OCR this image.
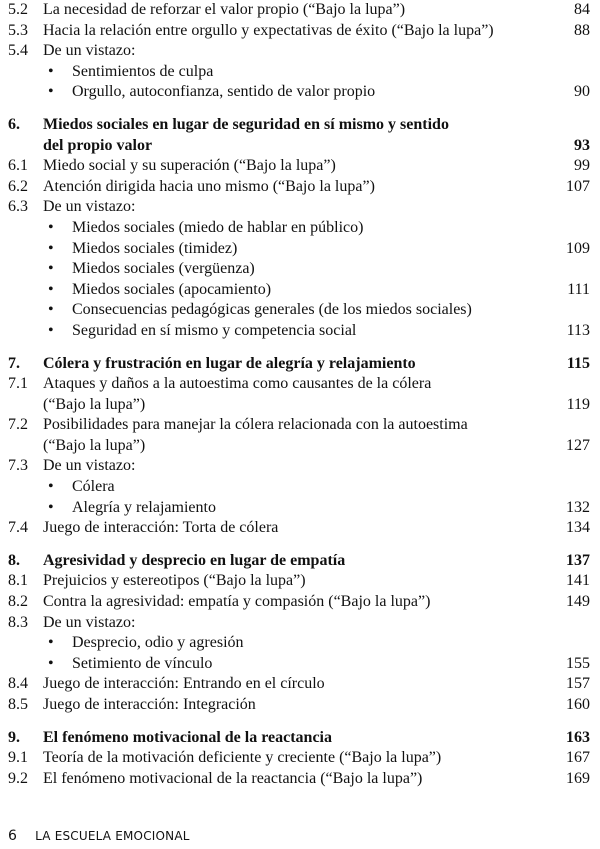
5.2 La necesidad de reforzar el valor propio (“Bajo la lupa”)	84
5.3 Hacia la relación entre orgullo y expectativas de éxito (“Bajo la lupa”)	88
5.4 De un vistazo:
•	Sentimientos de culpa
•	Orgullo, autoconfianza, sentido de valor propio	90
6.	Miedos sociales en lugar de seguridad en sí mismo y sentido
del propio valor	93
6.1 Miedo social y su superación (“Bajo la lupa”)	99
6.2 Atención dirigida hacia uno mismo (“Bajo la lupa”)	107
6.3 De un vistazo:
•	Miedos sociales (miedo de hablar en público)
•	Miedos sociales (timidez)	109
•	Miedos sociales (vergüenza)
•	Miedos sociales (apocamiento)	111
•	Consecuencias pedagógicas generales (de los miedos sociales)
•	Seguridad en sí mismo y competencia social	113
7.	Cólera y frustración en lugar de alegría y relajamiento	115
7.1 Ataques y daños a la autoestima como causantes de la cólera
(“Bajo la lupa”)	119
7.2 Posibilidades para manejar la cólera relacionada con la autoestima
(“Bajo la lupa”)	127
7.3 De un vistazo:
•	Cólera
•	Alegría y relajamiento	132
7.4 Juego de interacción: Torta de cólera	134
8.	Agresividad y desprecio en lugar de empatía	137
8.1 Prejuicios y estereotipos (“Bajo la lupa”)	141
8.2 Contra la agresividad: empatía y compasión (“Bajo la lupa”)	149
8.3 De un vistazo:
•	Desprecio, odio y agresión
•	Setimiento de vínculo	155
8.4 Juego de interacción: Entrando en el círculo	157
8.5 Juego de interacción: Integración	160
9.	El fenómeno motivacional de la reactancia	163
9.1 Teoría de la motivación deficiente y creciente (“Bajo la lupa”)	167
9.2 El fenómeno motivacional de la reactancia (“Bajo la lupa”)	169
6 LA ESCUELA EMOCIONAL
